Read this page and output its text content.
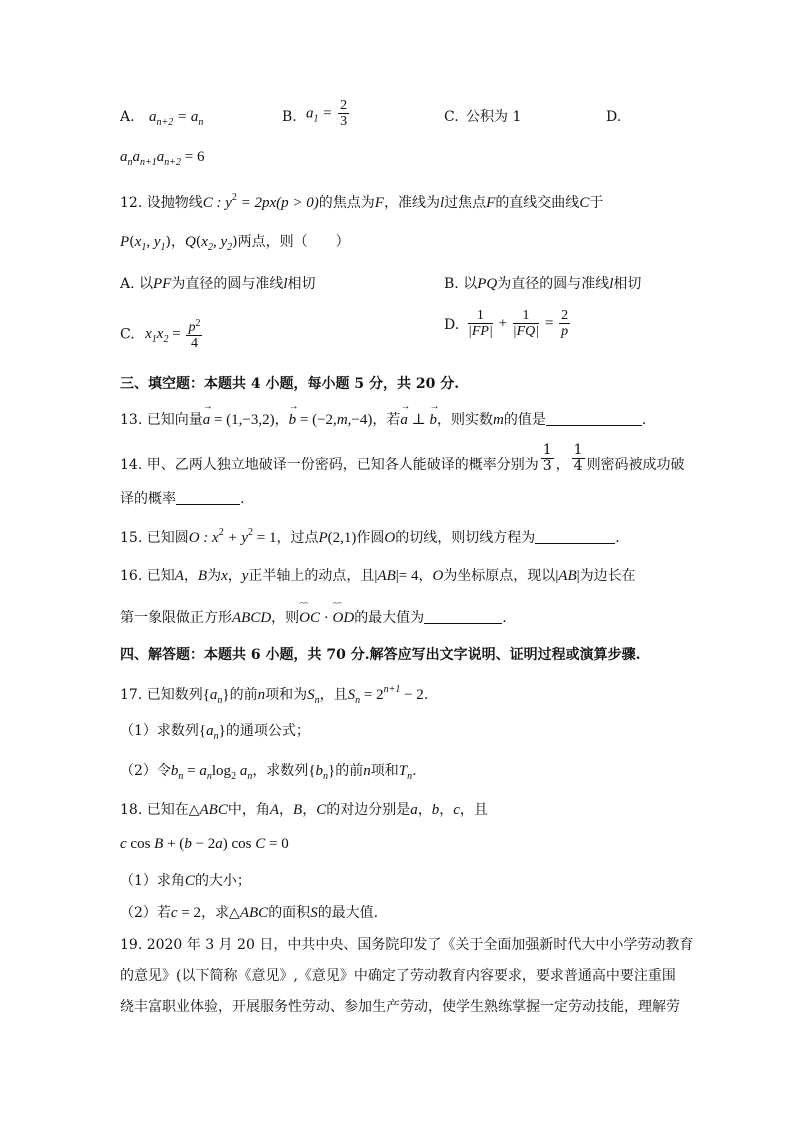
A. $a_{n+2} = a_n$	B. $a_1 = \frac{2}{3}$	C. 公积为 1	D.
$a_na_{n+1}a_{n+2} = 6$
12. 设抛物线C : $y^2 = 2px(p > 0)$的焦点为F，准线为l过焦点F的直线交曲线C于
$P(x_1$, $y_1$)，$Q(x_2$, $y_2$)两点，则（　　）
A. 以PF为直径的圆与准线l相切	B. 以PQ为直径的圆与准线l相切
C. $x_1x_2 = \frac{p^2}{4}$	D. $\frac{1}{|FP|} + \frac{1}{|FQ|} = \frac{2}{p}$
三、填空题：本题共 4 小题，每小题 5 分，共 20 分.
13. 已知向量→ a = (1,−3,2)，→ b = (−2,m,−4)，若→ a ⊥ → b，则实数m的值是	.
14. 甲、乙两人独立地破译一份密码，已知各人能破译的概率分别为 $\frac{1}{3}$ ， $\frac{1}{4}$ 则密码被成功破
译的概率	.
15. 已知圆O : $x^2 + y^2 = 1$，过点P(2,1)作圆O的切线，则切线方程为	.
16. 已知A，B为x，y正半轴上的动点，且|AB|= 4，O为坐标原点，现以|AB|为边长在
第一象限做正方形ABCD，则⌢⌢ OC · ⌢⌢ OD的最大值为	.
四、解答题：本题共 6 小题，共 70 分.解答应写出文字说明、证明过程或演算步骤.
17. 已知数列$\{a_n\}$的前n项和为$S_n$，且$S_n = 2^{n+1} - 2$.
（1）求数列$\{a_n\}$的通项公式；
（2）令$b_n = a_n\log_2$ $a_n$，求数列$\{b_n\}$的前n项和$T_n$.
18. 已知在△ABC中，角A，B，C的对边分别是a，b，c，且
c cos B + (b − 2a) cos C = 0
（1）求角C的大小；
（2）若c = 2，求△ABC的面积S的最大值.
19. 2020 年 3 月 20 日，中共中央、国务院印发了《关于全面加强新时代大中小学劳动教育
的意见》(以下简称《意见》,《意见》中确定了劳动教育内容要求，要求普通高中要注重围
绕丰富职业体验，开展服务性劳动、参加生产劳动，使学生熟练掌握一定劳动技能，理解劳
